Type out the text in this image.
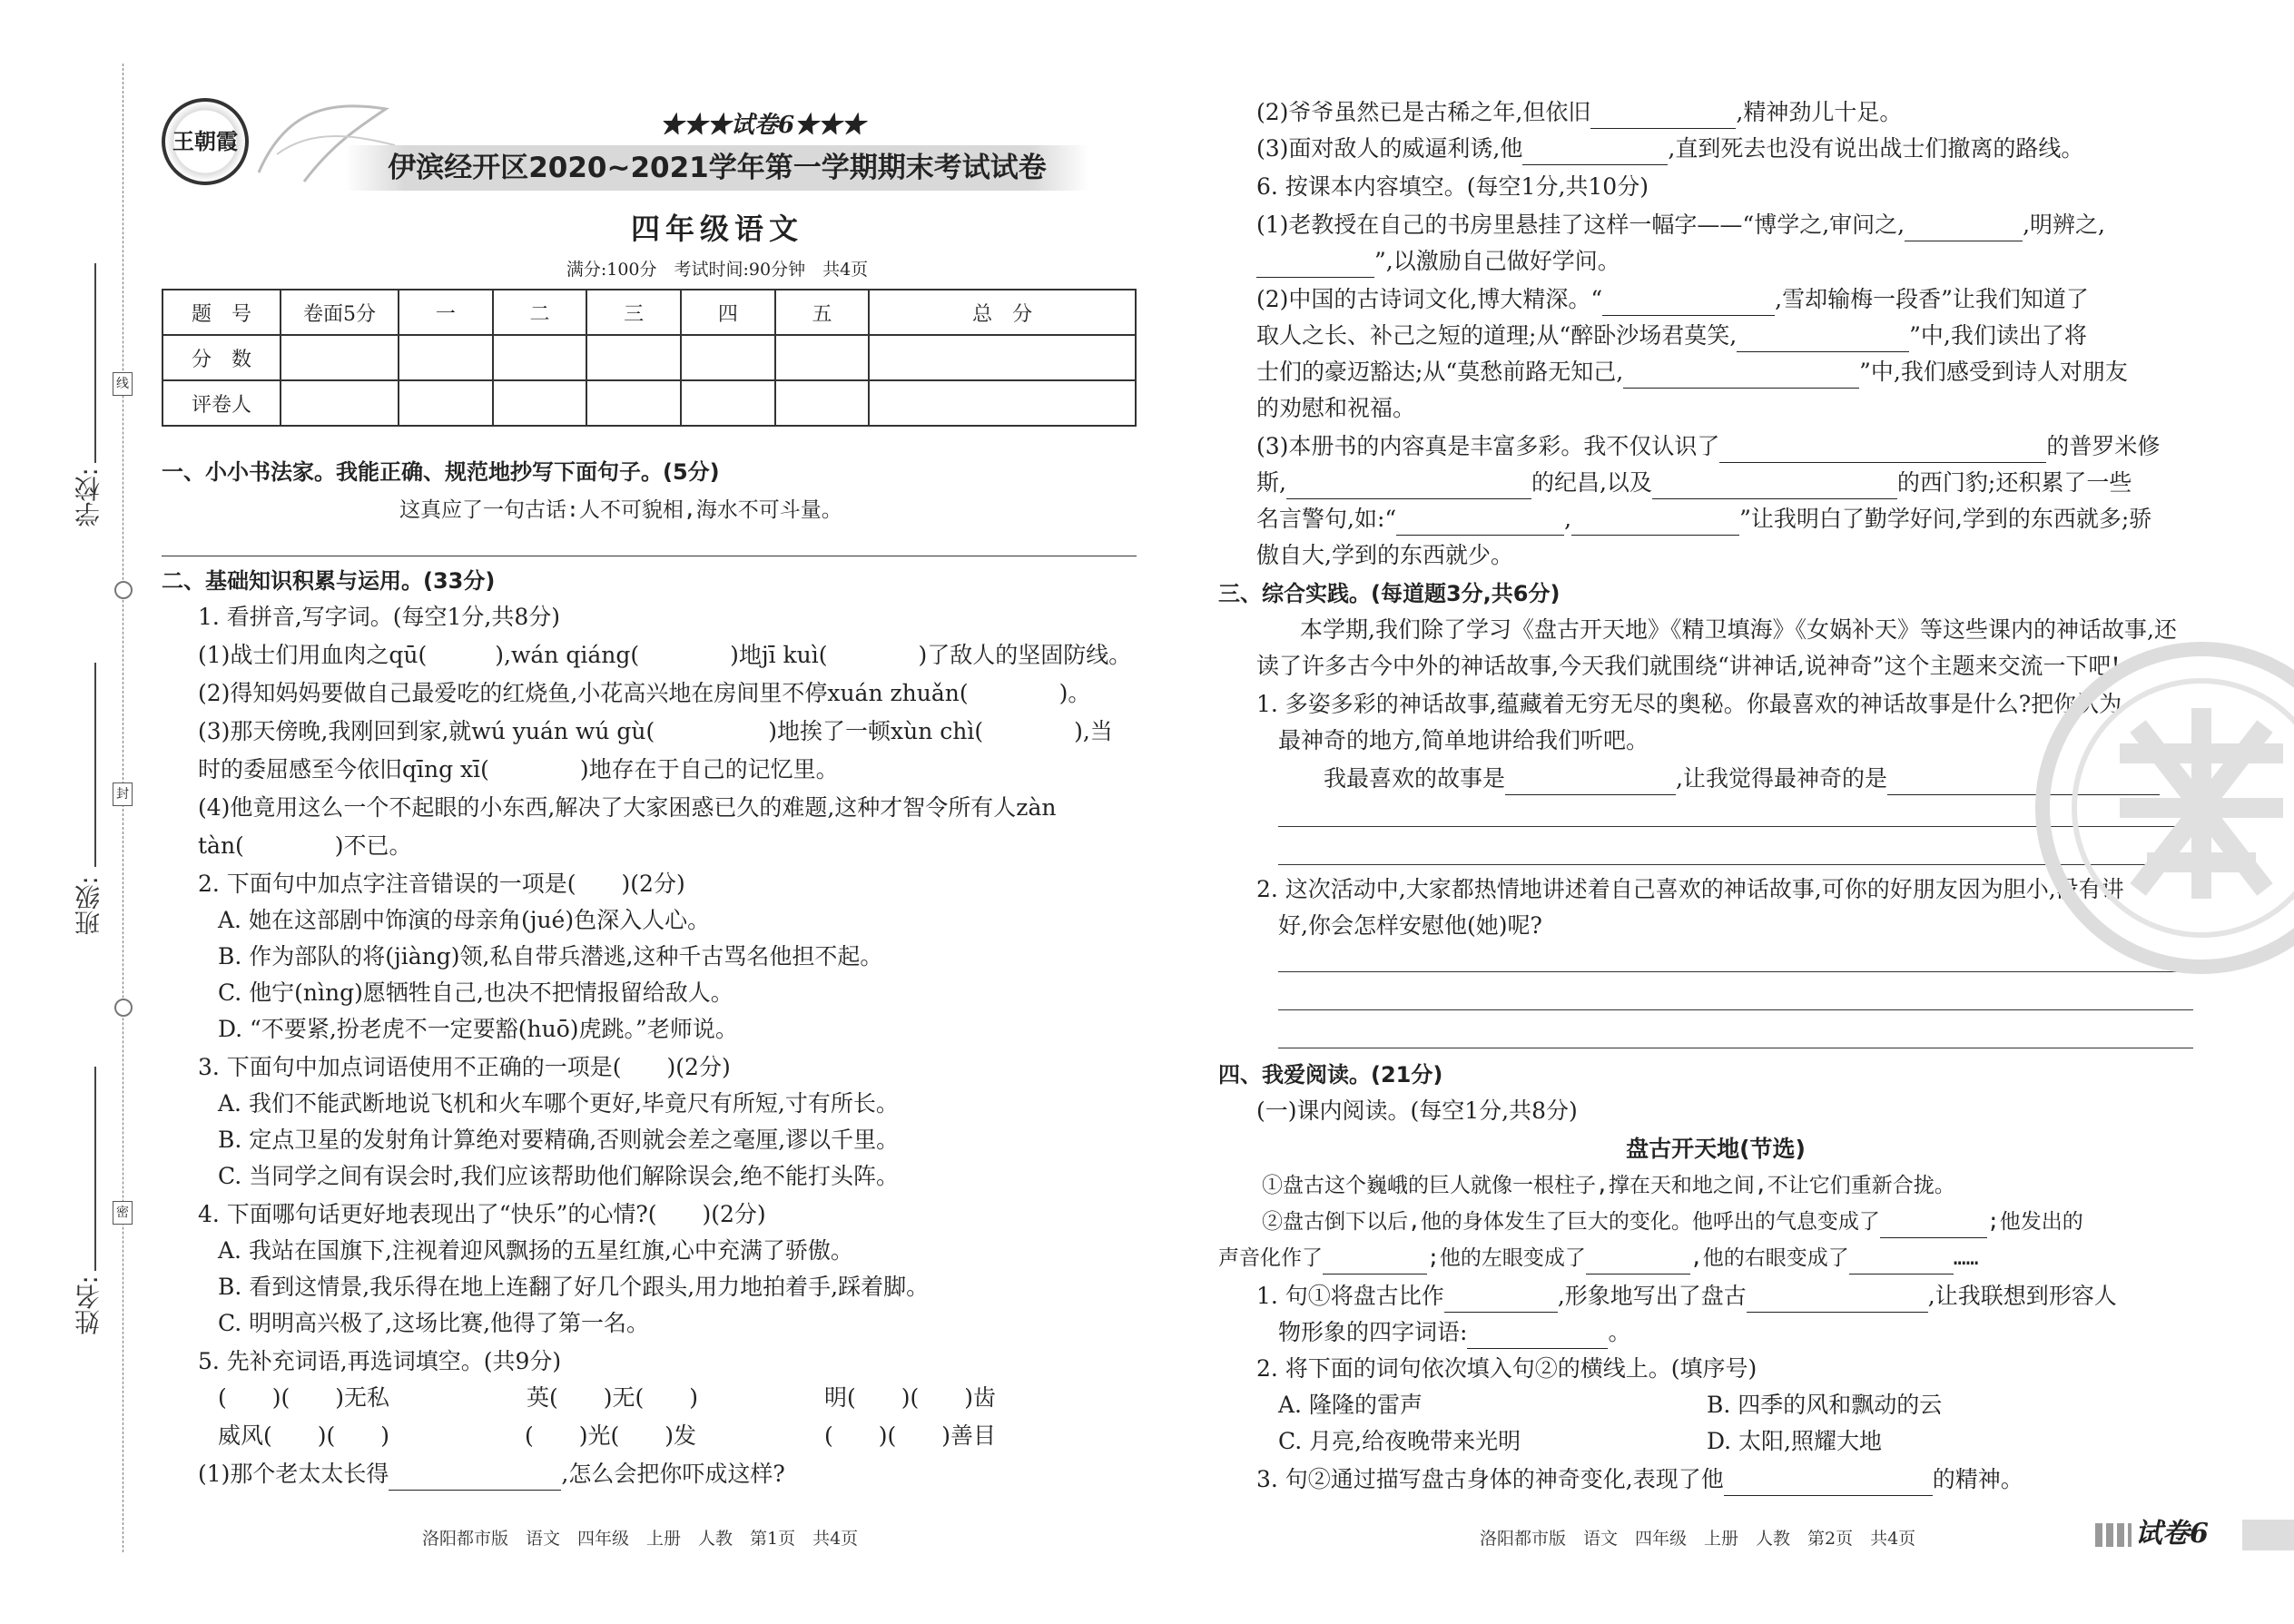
线
封
密
学校:
班级:
姓名:
王朝霞
★★★试卷6★★★
伊滨经开区2020~2021学年第一学期期末考试试卷
四年级语文
满分:100分　考试时间:90分钟　共4页
题　号	卷面5分	一	二	三	四	五	总　分
分　数							
评卷人							
一、小小书法家。我能正确、规范地抄写下面句子。(5分)
这真应了一句古话:人不可貌相,海水不可斗量。
二、基础知识积累与运用。(33分)
1. 看拼音,写字词。(每空1分,共8分)
(1)战士们用血肉之qū(　　　),wán qiáng(　　　　)地jī kuì(　　　　)了敌人的坚固防线。
(2)得知妈妈要做自己最爱吃的红烧鱼,小花高兴地在房间里不停xuán zhuǎn(　　　　)。
(3)那天傍晚,我刚回到家,就wú yuán wú gù(　　　　　)地挨了一顿xùn chì(　　　　),当
时的委屈感至今依旧qīng xī(　　　　)地存在于自己的记忆里。
(4)他竟用这么一个不起眼的小东西,解决了大家困惑已久的难题,这种才智令所有人zàn
tàn(　　　　)不已。
2. 下面句中加点字注音错误的一项是(　　)(2分)
A. 她在这部剧中饰演的母亲角(jué)色深入人心。
B. 作为部队的将(jiàng)领,私自带兵潜逃,这种千古骂名他担不起。
C. 他宁(nìng)愿牺牲自己,也决不把情报留给敌人。
D. “不要紧,扮老虎不一定要豁(huō)虎跳。”老师说。
3. 下面句中加点词语使用不正确的一项是(　　)(2分)
A. 我们不能武断地说飞机和火车哪个更好,毕竟尺有所短,寸有所长。
B. 定点卫星的发射角计算绝对要精确,否则就会差之毫厘,谬以千里。
C. 当同学之间有误会时,我们应该帮助他们解除误会,绝不能打头阵。
4. 下面哪句话更好地表现出了“快乐”的心情?(　　)(2分)
A. 我站在国旗下,注视着迎风飘扬的五星红旗,心中充满了骄傲。
B. 看到这情景,我乐得在地上连翻了好几个跟头,用力地拍着手,踩着脚。
C. 明明高兴极了,这场比赛,他得了第一名。
5. 先补充词语,再选词填空。(共9分)
(　　)(　　)无私	英(　　)无(　　)	明(　　)(　　)齿
威风(　　)(　　)	(　　)光(　　)发	(　　)(　　)善目
(1)那个老太太长得	,怎么会把你吓成这样?
洛阳都市版　语文　四年级　上册　人教　第1页　共4页
(2)爷爷虽然已是古稀之年,但依旧	,精神劲儿十足。
(3)面对敌人的威逼利诱,他	,直到死去也没有说出战士们撤离的路线。
6. 按课本内容填空。(每空1分,共10分)
(1)老教授在自己的书房里悬挂了这样一幅字——“博学之,审问之,	,明辨之,
”,以激励自己做好学问。
(2)中国的古诗词文化,博大精深。“	,雪却输梅一段香”让我们知道了
取人之长、补己之短的道理;从“醉卧沙场君莫笑,	”中,我们读出了将
士们的豪迈豁达;从“莫愁前路无知己,	”中,我们感受到诗人对朋友
的劝慰和祝福。
(3)本册书的内容真是丰富多彩。我不仅认识了	的普罗米修
斯,	的纪昌,以及	的西门豹;还积累了一些
名言警句,如:“	,	”让我明白了勤学好问,学到的东西就多;骄
傲自大,学到的东西就少。
三、综合实践。(每道题3分,共6分)
本学期,我们除了学习《盘古开天地》《精卫填海》《女娲补天》等这些课内的神话故事,还
读了许多古今中外的神话故事,今天我们就围绕“讲神话,说神奇”这个主题来交流一下吧!
1. 多姿多彩的神话故事,蕴藏着无穷无尽的奥秘。你最喜欢的神话故事是什么?把你认为
最神奇的地方,简单地讲给我们听吧。
我最喜欢的故事是	,让我觉得最神奇的是
2. 这次活动中,大家都热情地讲述着自己喜欢的神话故事,可你的好朋友因为胆小,没有讲
好,你会怎样安慰他(她)呢?
四、我爱阅读。(21分)
(一)课内阅读。(每空1分,共8分)
盘古开天地(节选)
①盘古这个巍峨的巨人就像一根柱子,撑在天和地之间,不让它们重新合拢。
②盘古倒下以后,他的身体发生了巨大的变化。他呼出的气息变成了	;他发出的
声音化作了	;他的左眼变成了	,他的右眼变成了	……
1. 句①将盘古比作	,形象地写出了盘古	,让我联想到形容人
物形象的四字词语:	。
2. 将下面的词句依次填入句②的横线上。(填序号)
A. 隆隆的雷声	B. 四季的风和飘动的云
C. 月亮,给夜晚带来光明	D. 太阳,照耀大地
3. 句②通过描写盘古身体的神奇变化,表现了他	的精神。
洛阳都市版　语文　四年级　上册　人教　第2页　共4页	试卷6
